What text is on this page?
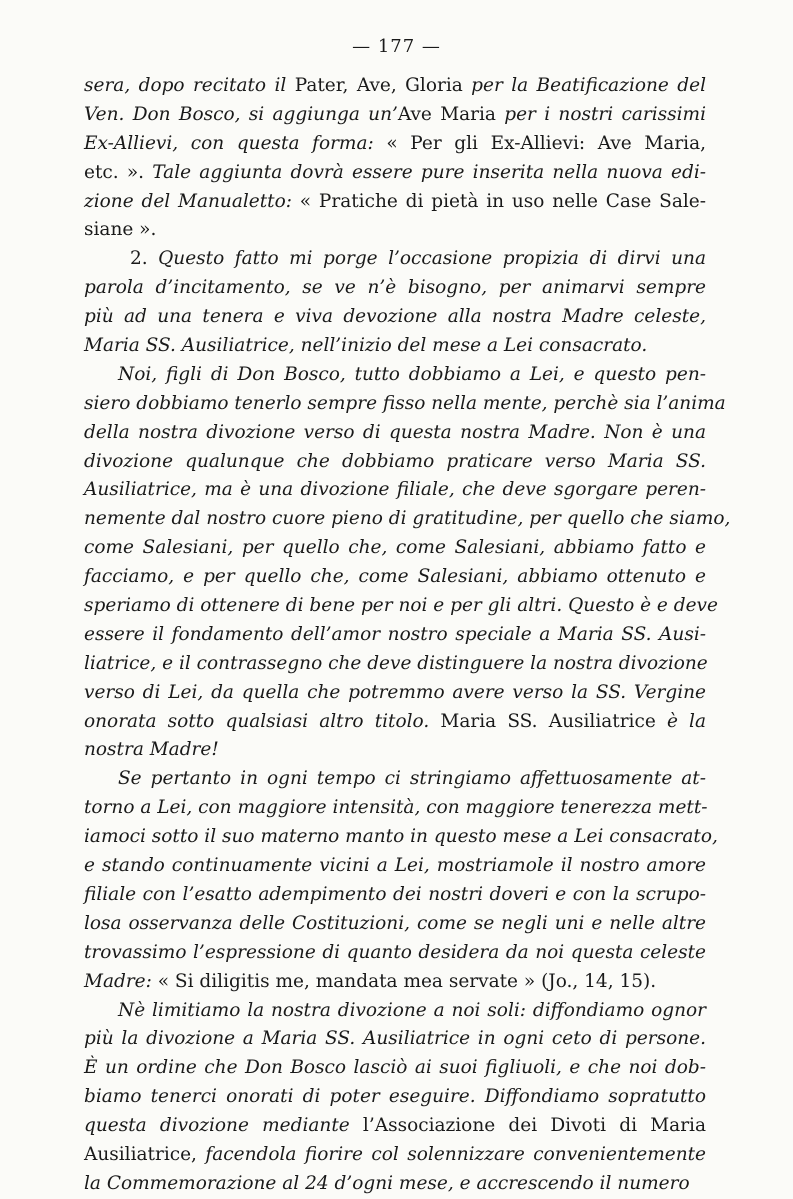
— 177 —
sera, dopo recitato il Pater, Ave, Gloria per la Beatificazione del
Ven. Don Bosco, si aggiunga un’Ave Maria per i nostri carissimi
Ex-Allievi, con questa forma: « Per gli Ex-Allievi: Ave Maria,
etc. ». Tale aggiunta dovrà essere pure inserita nella nuova edi-
zione del Manualetto: « Pratiche di pietà in uso nelle Case Sale-
siane ».
2. Questo fatto mi porge l’occasione propizia di dirvi una
parola d’incitamento, se ve n’è bisogno, per animarvi sempre
più ad una tenera e viva devozione alla nostra Madre celeste,
Maria SS. Ausiliatrice, nell’inizio del mese a Lei consacrato.
Noi, figli di Don Bosco, tutto dobbiamo a Lei, e questo pen-
siero dobbiamo tenerlo sempre fisso nella mente, perchè sia l’anima
della nostra divozione verso di questa nostra Madre. Non è una
divozione qualunque che dobbiamo praticare verso Maria SS.
Ausiliatrice, ma è una divozione filiale, che deve sgorgare peren-
nemente dal nostro cuore pieno di gratitudine, per quello che siamo,
come Salesiani, per quello che, come Salesiani, abbiamo fatto e
facciamo, e per quello che, come Salesiani, abbiamo ottenuto e
speriamo di ottenere di bene per noi e per gli altri. Questo è e deve
essere il fondamento dell’amor nostro speciale a Maria SS. Ausi-
liatrice, e il contrassegno che deve distinguere la nostra divozione
verso di Lei, da quella che potremmo avere verso la SS. Vergine
onorata sotto qualsiasi altro titolo. Maria SS. Ausiliatrice è la
nostra Madre!
Se pertanto in ogni tempo ci stringiamo affettuosamente at-
torno a Lei, con maggiore intensità, con maggiore tenerezza mett-
iamoci sotto il suo materno manto in questo mese a Lei consacrato,
e stando continuamente vicini a Lei, mostriamole il nostro amore
filiale con l’esatto adempimento dei nostri doveri e con la scrupo-
losa osservanza delle Costituzioni, come se negli uni e nelle altre
trovassimo l’espressione di quanto desidera da noi questa celeste
Madre: « Si diligitis me, mandata mea servate » (Jo., 14, 15).
Nè limitiamo la nostra divozione a noi soli: diffondiamo ognor
più la divozione a Maria SS. Ausiliatrice in ogni ceto di persone.
È un ordine che Don Bosco lasciò ai suoi figliuoli, e che noi dob-
biamo tenerci onorati di poter eseguire. Diffondiamo sopratutto
questa divozione mediante l’Associazione dei Divoti di Maria
Ausiliatrice, facendola fiorire col solennizzare convenientemente
la Commemorazione al 24 d’ogni mese, e accrescendo il numero
